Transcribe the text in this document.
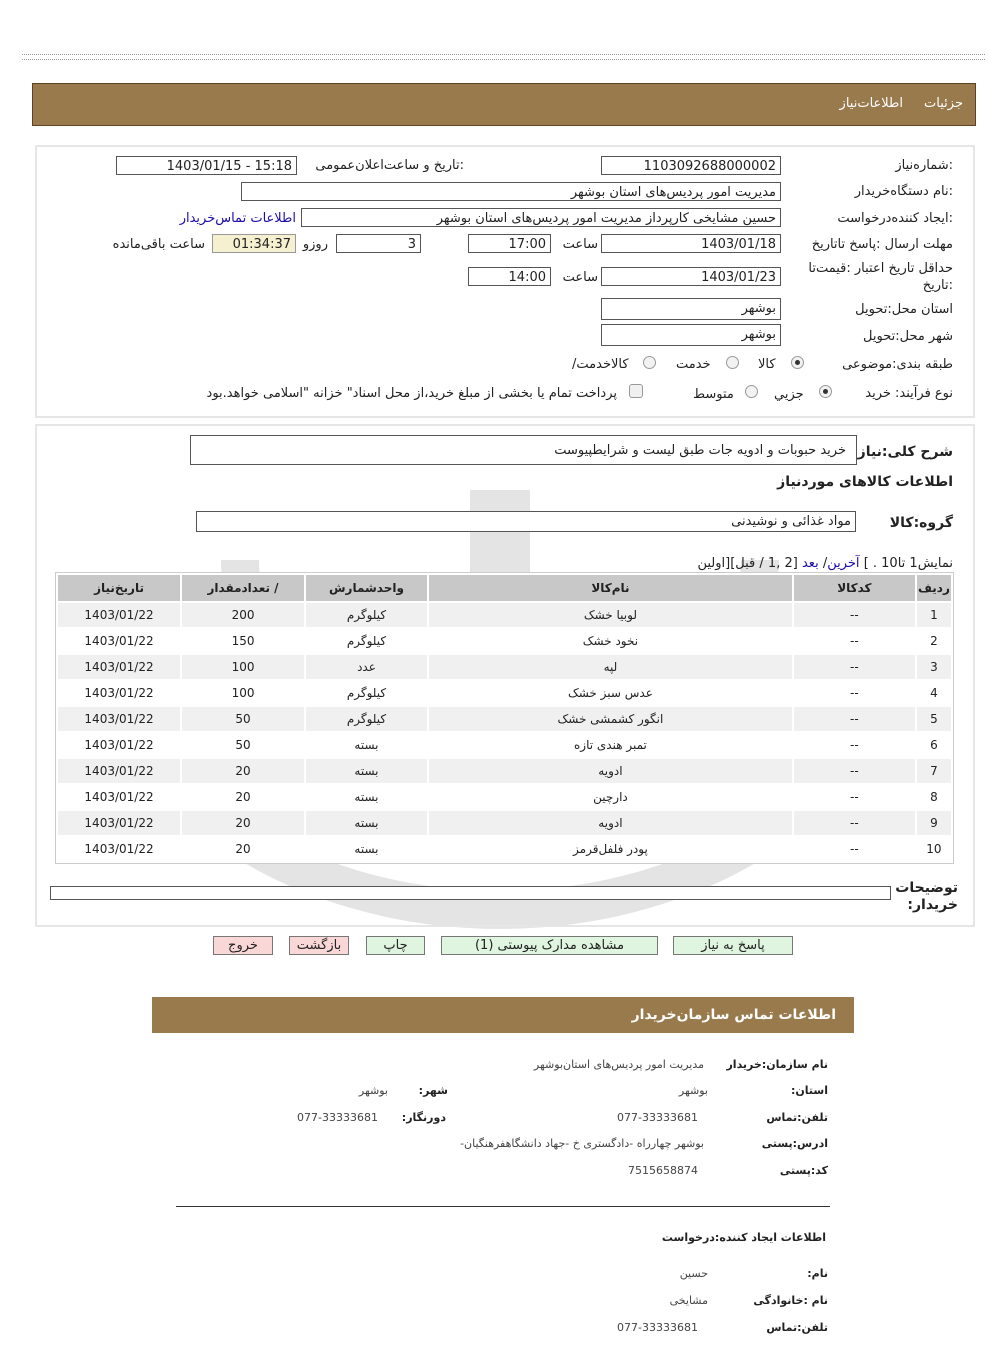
جزئیات
اطلاعات‌نیاز
شماره‌نیاز:
1103092688000002
تاریخ و ساعت‌اعلان‌عمومی:
1403/01/15 - 15:18
نام دستگاه‌خریدار:
مدیریت امور پردیس‌های استان بوشهر
ایجاد کننده‌درخواست:
حسین مشایخی کارپرداز مدیریت امور پردیس‌های استان بوشهر
اطلاعات تماس‌خریدار
مهلت ارسال :پاسخ تا‌تاریخ
1403/01/18
ساعت
17:00
3
روزو
01:34:37
ساعت باقی‌مانده
حداقل تاریخ اعتبار :قیمت‌تا
تاریخ:
1403/01/23
ساعت
14:00
استان محل:تحویل
بوشهر
شهر محل:تحویل
بوشهر
طبقه بندی:موضوعی
کالا
خدمت
/کالاخدمت
نوع فرآیند: خرید
جزيي
متوسط
پرداخت تمام یا بخشی از مبلغ خرید،از محل اسناد" خزانه "اسلامی خواهد.بود
شرح کلی:نیاز
خرید حبوبات و ادویه جات طبق لیست و شرایطپیوست
اطلاعات کالاهای موردنیاز
گروه:کالا
مواد غذائی و نوشیدنی
نمایش1 تا10 . ] آخرین/ بعد [2 ,1 / قبل][اولین
ردیف	کدکالا	نام‌کالا	واحدشمارش	/ تعدادمقدار	تاریخ‌نیاز
1	--	لوبیا خشک	کیلوگرم	200	1403/01/22
2	--	نخود خشک	کیلوگرم	150	1403/01/22
3	--	لپه	عدد	100	1403/01/22
4	--	عدس سبز خشک	کیلوگرم	100	1403/01/22
5	--	انگور کشمشی خشک	کیلوگرم	50	1403/01/22
6	--	تمبر هندی تازه	بسته	50	1403/01/22
7	--	ادویه	بسته	20	1403/01/22
8	--	دارچین	بسته	20	1403/01/22
9	--	ادویه	بسته	20	1403/01/22
10	--	پودر فلفل‌قرمز	بسته	20	1403/01/22
توضیحات
:خریدار
پاسخ به نیاز
مشاهده مدارک پیوستی (1)
چاپ
بازگشت
خروج
اطلاعات تماس سازمان‌خریدار
نام سازمان:خریدار
مدیریت امور پردیس‌های استان‌بوشهر
:استان
بوشهر
:شهر
بوشهر
تلفن:تماس
077-33333681
:دورنگار
077-33333681
ادرس:پستی
-بوشهر چهارراه -دادگستری خ -جهاد دانشگاهفرهنگیان
کد:پستی
7515658874
اطلاعات ایجاد کننده:درخواست
:نام
حسین
نام :خانوادگی
مشایخی
تلفن:تماس
077-33333681
